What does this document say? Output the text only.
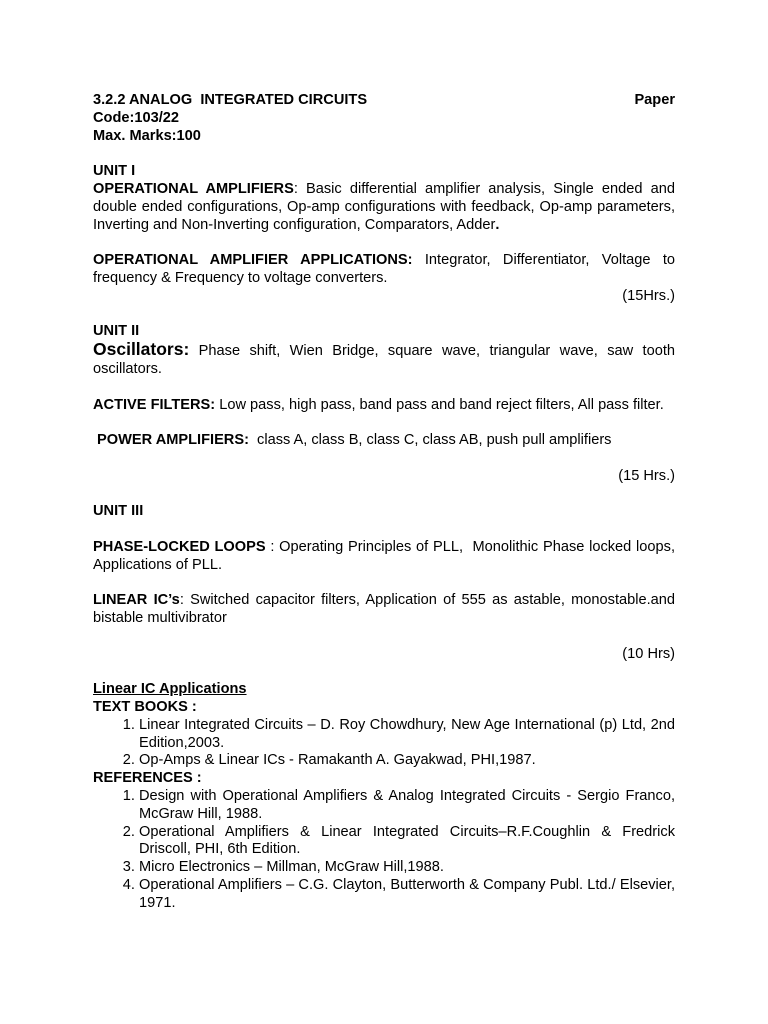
3.2.2 ANALOG  INTEGRATED CIRCUITS	Paper

Code:103/22

Max. Marks:100

UNIT I

OPERATIONAL AMPLIFIERS: Basic differential amplifier analysis, Single ended and double ended configurations, Op-amp configurations with feedback, Op-amp parameters, Inverting and Non-Inverting configuration, Comparators, Adder.

OPERATIONAL AMPLIFIER APPLICATIONS: Integrator, Differentiator, Voltage to frequency & Frequency to voltage converters.

(15Hrs.)

UNIT II

Oscillators: Phase shift, Wien Bridge, square wave, triangular wave, saw tooth oscillators.

ACTIVE FILTERS: Low pass, high pass, band pass and band reject filters, All pass filter.

POWER AMPLIFIERS:  class A, class B, class C, class AB, push pull amplifiers

(15 Hrs.)

UNIT III

PHASE-LOCKED LOOPS : Operating Principles of PLL,  Monolithic Phase locked loops, Applications of PLL.

LINEAR IC’s: Switched capacitor filters, Application of 555 as astable, monostable.and bistable multivibrator

(10 Hrs)

Linear IC Applications

TEXT BOOKS :

1. Linear Integrated Circuits – D. Roy Chowdhury, New Age International (p) Ltd, 2nd Edition,2003.
2. Op-Amps & Linear ICs - Ramakanth A. Gayakwad, PHI,1987.

REFERENCES :

1. Design with Operational Amplifiers & Analog Integrated Circuits - Sergio Franco, McGraw Hill, 1988.
2. Operational Amplifiers & Linear Integrated Circuits–R.F.Coughlin & Fredrick Driscoll, PHI, 6th Edition.
3. Micro Electronics – Millman, McGraw Hill,1988.
4. Operational Amplifiers – C.G. Clayton, Butterworth & Company Publ. Ltd./ Elsevier, 1971.
